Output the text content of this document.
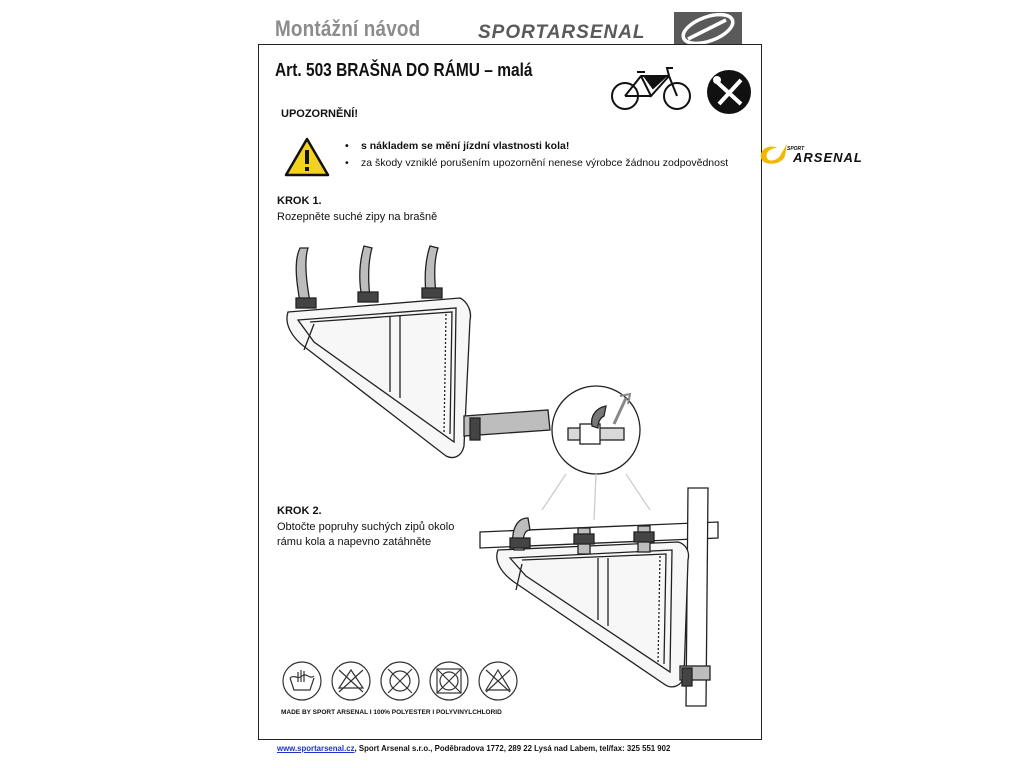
Montážní návod	SPORTARSENAL
Art. 503 BRAŠNA DO RÁMU – malá
UPOZORNĚNÍ!
• s nákladem se mění jízdní vlastnosti kola!
• za škody vzniklé porušením upozornění nenese výrobce žádnou zodpovědnost
SPORT
ARSENAL
KROK 1.
Rozepněte suché zipy na brašně
KROK 2.
Obtočte popruhy suchých zipů okolo
rámu kola a napevno zatáhněte
MADE BY SPORT ARSENAL I 100% POLYESTER I POLYVINYLCHLORID
www.sportarsenal.cz, Sport Arsenal s.r.o., Poděbradova 1772, 289 22 Lysá nad Labem, tel/fax: 325 551 902
